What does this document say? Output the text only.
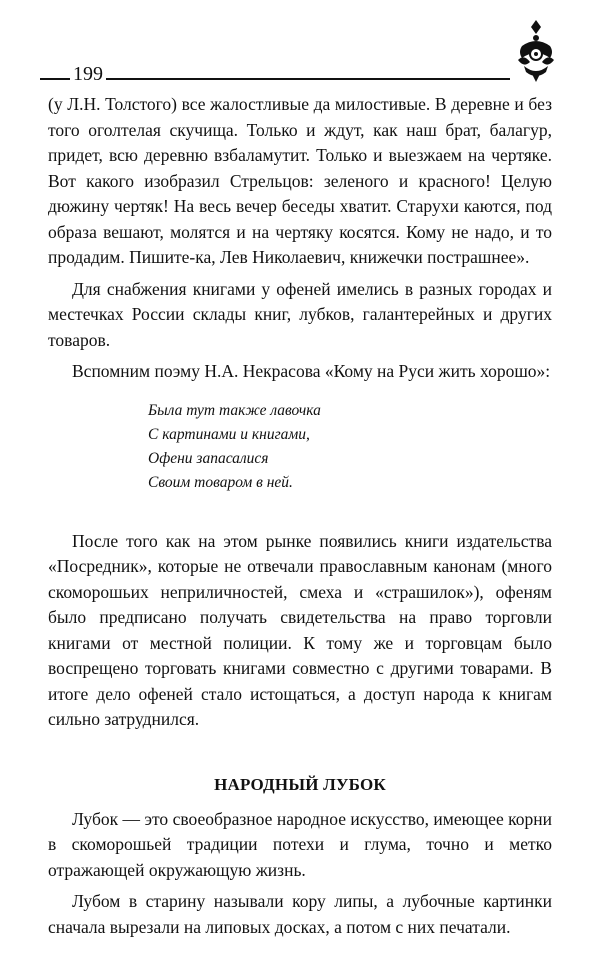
199

(у Л.Н. Толстого) все жалостливые да милостивые. В деревне и без того оголтелая скучища. Только и ждут, как наш брат, балагур, придет, всю деревню взбаламутит. Только и выезжаем на чертяке. Вот какого изобразил Стрельцов: зеленого и красного! Целую дюжину чертяк! На весь вечер беседы хватит. Старухи каются, под образа вешают, молятся и на чертяку косятся. Кому не надо, и то продадим. Пишите-ка, Лев Николаевич, книжечки пострашнее».

Для снабжения книгами у офеней имелись в разных городах и местечках России склады книг, лубков, галантерейных и других товаров.

Вспомним поэму Н.А. Некрасова «Кому на Руси жить хорошо»:

Была тут также лавочка
С картинами и книгами,
Офени запасалися
Своим товаром в ней.

После того как на этом рынке появились книги издательства «Посредник», которые не отвечали православным канонам (много скоморошьих неприличностей, смеха и «страшилок»), офеням было предписано получать свидетельства на право торговли книгами от местной полиции. К тому же и торговцам было воспрещено торговать книгами совместно с другими товарами. В итоге дело офеней стало истощаться, а доступ народа к книгам сильно затруднился.

НАРОДНЫЙ ЛУБОК

Лубок — это своеобразное народное искусство, имеющее корни в скоморошьей традиции потехи и глума, точно и метко отражающей окружающую жизнь.

Лубом в старину называли кору липы, а лубочные картинки сначала вырезали на липовых досках, а потом с них печатали.
